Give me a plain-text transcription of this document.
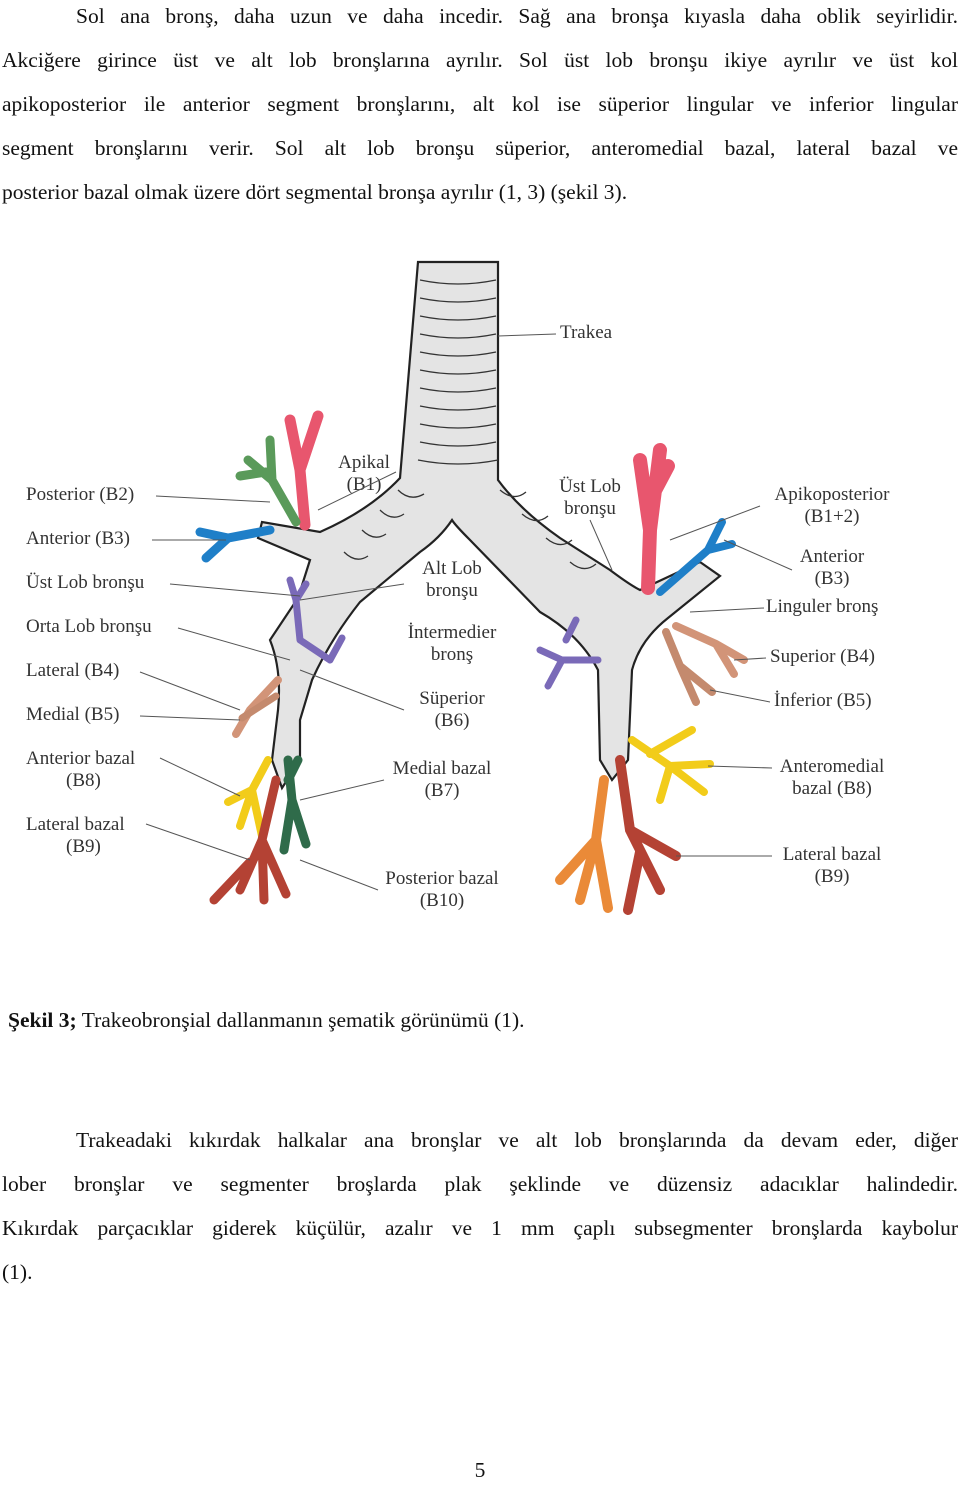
Sol ana bronş, daha uzun ve daha incedir. Sağ ana bronşa kıyasla daha oblik seyirlidir.
Akciğere girince üst ve alt lob bronşlarına ayrılır. Sol üst lob bronşu ikiye ayrılır ve üst kol
apikoposterior ile anterior segment bronşlarını, alt kol ise süperior lingular ve inferior lingular
segment bronşlarını verir. Sol alt lob bronşu süperior, anteromedial bazal, lateral bazal ve
posterior bazal olmak üzere dört segmental bronşa ayrılır (1, 3) (şekil 3).
Posterior (B2)
Anterior (B3)
Üst Lob bronşu
Orta Lob bronşu
Lateral (B4)
Medial (B5)
Anterior bazal
(B8)
Lateral bazal
(B9)
Trakea
Apikal
(B1)
Alt Lob
bronşu
İntermedier
bronş
Süperior
(B6)
Medial bazal
(B7)
Posterior bazal
(B10)
Üst Lob
bronşu
Apikoposterior
(B1+2)
Anterior
(B3)
Linguler bronş
Superior (B4)
İnferior (B5)
Anteromedial
bazal (B8)
Lateral bazal
(B9)
Şekil 3; Trakeobronşial dallanmanın şematik görünümü (1).
Trakeadaki kıkırdak halkalar ana bronşlar ve alt lob bronşlarında da devam eder, diğer
lober bronşlar ve segmenter broşlarda plak şeklinde ve düzensiz adacıklar halindedir.
Kıkırdak parçacıklar giderek küçülür, azalır ve 1 mm çaplı subsegmenter bronşlarda kaybolur
(1).
5
